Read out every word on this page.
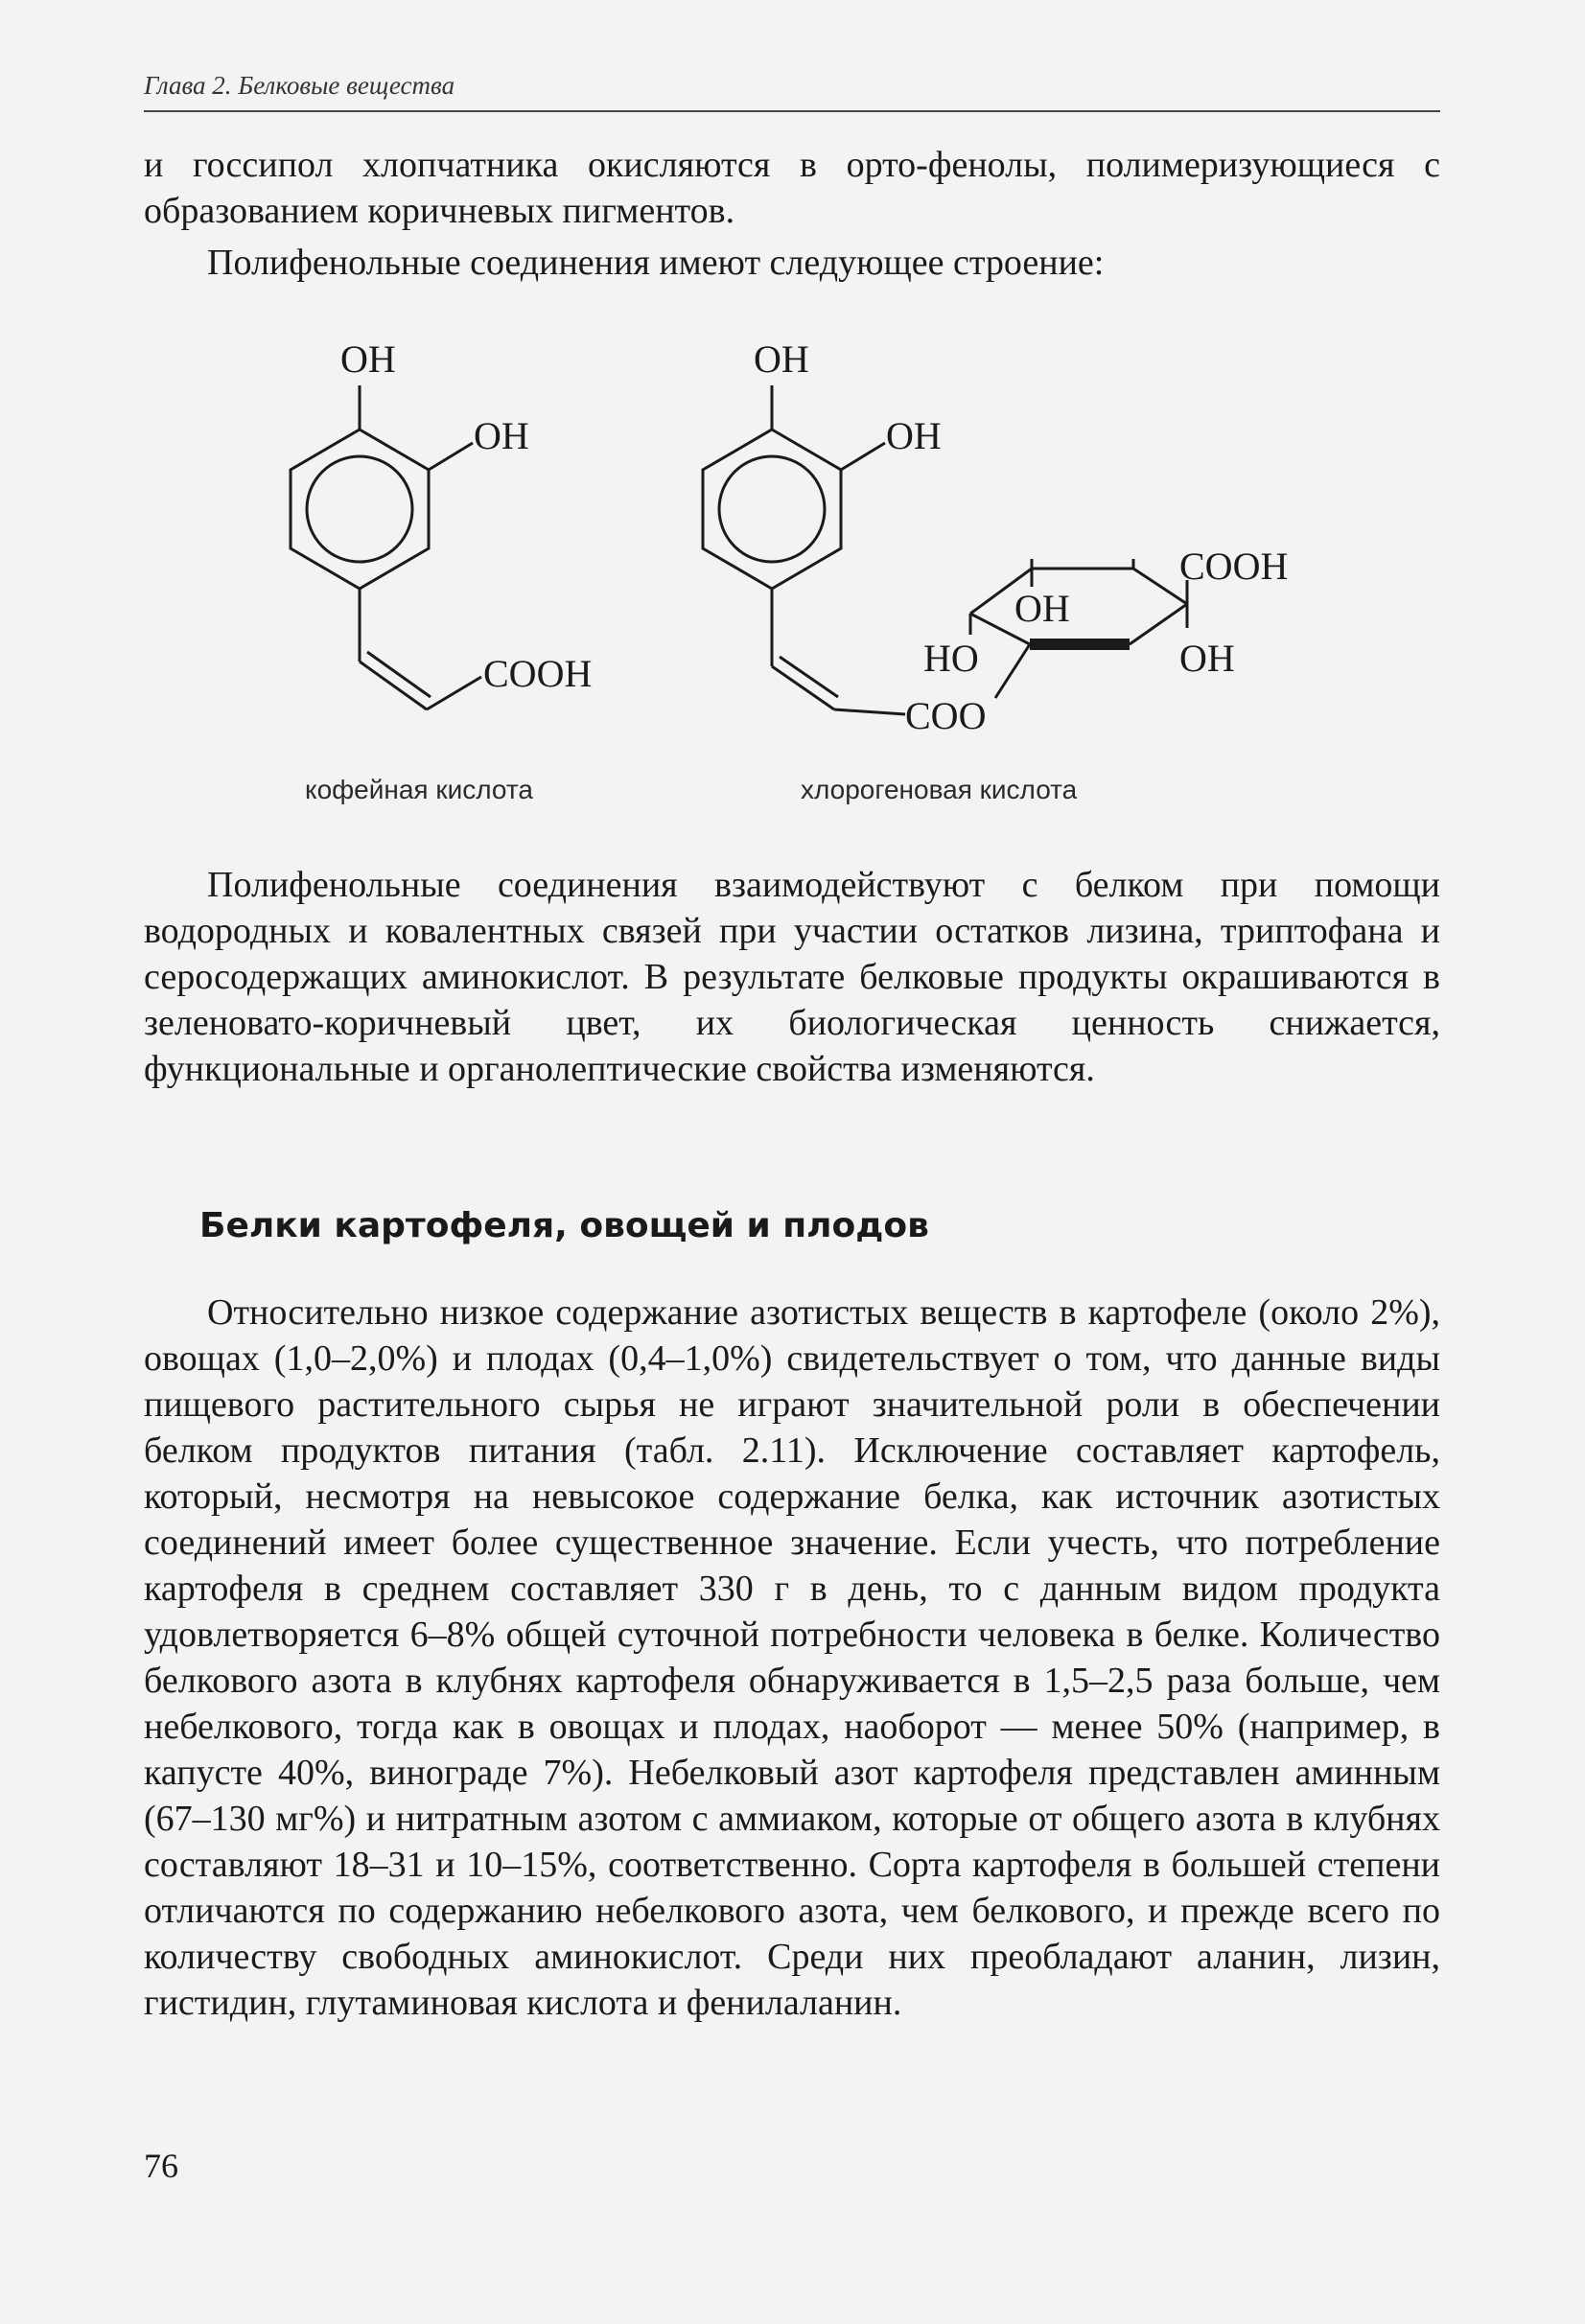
Глава 2. Белковые вещества

и госсипол хлопчатника окисляются в орто-фенолы, полимеризующиеся с образованием коричневых пигментов.

Полифенольные соединения имеют следующее строение:

OH
OH
COOH
OH
OH
COOH
OH
HO	OH
COO
кофейная кислота	хлорогеновая кислота

Полифенольные соединения взаимодействуют с белком при помощи водородных и ковалентных связей при участии остатков лизина, триптофана и серосодержащих аминокислот. В результате белковые продукты окрашиваются в зеленовато-коричневый цвет, их биологическая ценность снижается, функциональные и органолептические свойства изменяются.

Белки картофеля, овощей и плодов

Относительно низкое содержание азотистых веществ в картофеле (около 2%), овощах (1,0–2,0%) и плодах (0,4–1,0%) свидетельствует о том, что данные виды пищевого растительного сырья не играют значительной роли в обеспечении белком продуктов питания (табл. 2.11). Исключение составляет картофель, который, несмотря на невысокое содержание белка, как источник азотистых соединений имеет более существенное значение. Если учесть, что потребление картофеля в среднем составляет 330 г в день, то с данным видом продукта удовлетворяется 6–8% общей суточной потребности человека в белке. Количество белкового азота в клубнях картофеля обнаруживается в 1,5–2,5 раза больше, чем небелкового, тогда как в овощах и плодах, наоборот — менее 50% (например, в капусте 40%, винограде 7%). Небелковый азот картофеля представлен аминным (67–130 мг%) и нитратным азотом с аммиаком, которые от общего азота в клубнях составляют 18–31 и 10–15%, соответственно. Сорта картофеля в большей степени отличаются по содержанию небелкового азота, чем белкового, и прежде всего по количеству свободных аминокислот. Среди них преобладают аланин, лизин, гистидин, глутаминовая кислота и фенилаланин.

76
